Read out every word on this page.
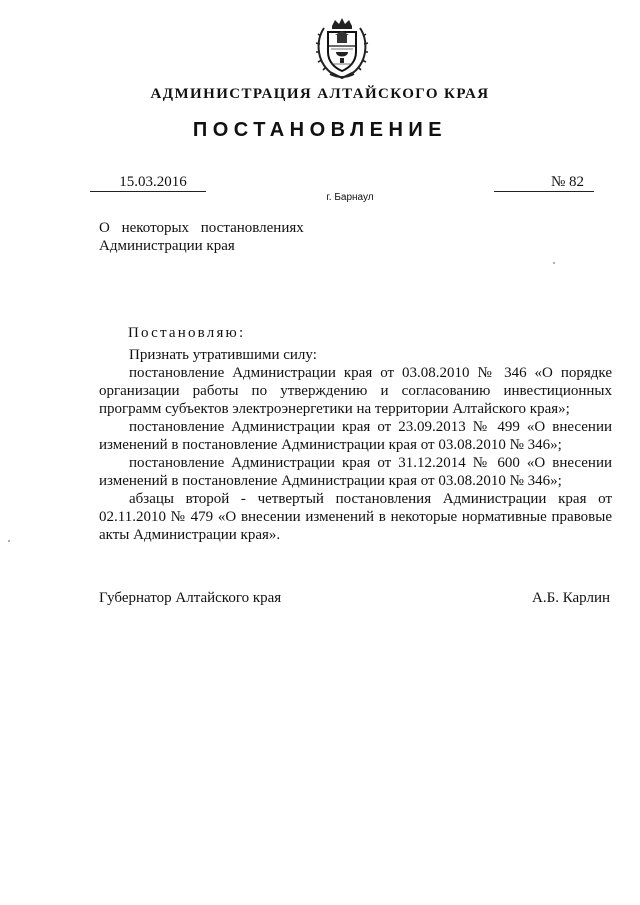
АДМИНИСТРАЦИЯ АЛТАЙСКОГО КРАЯ
ПОСТАНОВЛЕНИЕ
15.03.2016	№ 82
г. Барнаул
О некоторых постановлениях
Администрации края
Постановляю:

Признать утратившими силу:

постановление Администрации края от 03.08.2010 № 346 «О порядке организации работы по утверждению и согласованию инвестиционных программ субъектов электроэнергетики на территории Алтайского края»;

постановление Администрации края от 23.09.2013 № 499 «О внесении изменений в постановление Администрации края от 03.08.2010 № 346»;

постановление Администрации края от 31.12.2014 № 600 «О внесении изменений в постановление Администрации края от 03.08.2010 № 346»;

абзацы второй - четвертый постановления Администрации края от 02.11.2010 № 479 «О внесении изменений в некоторые нормативные правовые акты Администрации края».

Губернатор Алтайского края	А.Б. Карлин
